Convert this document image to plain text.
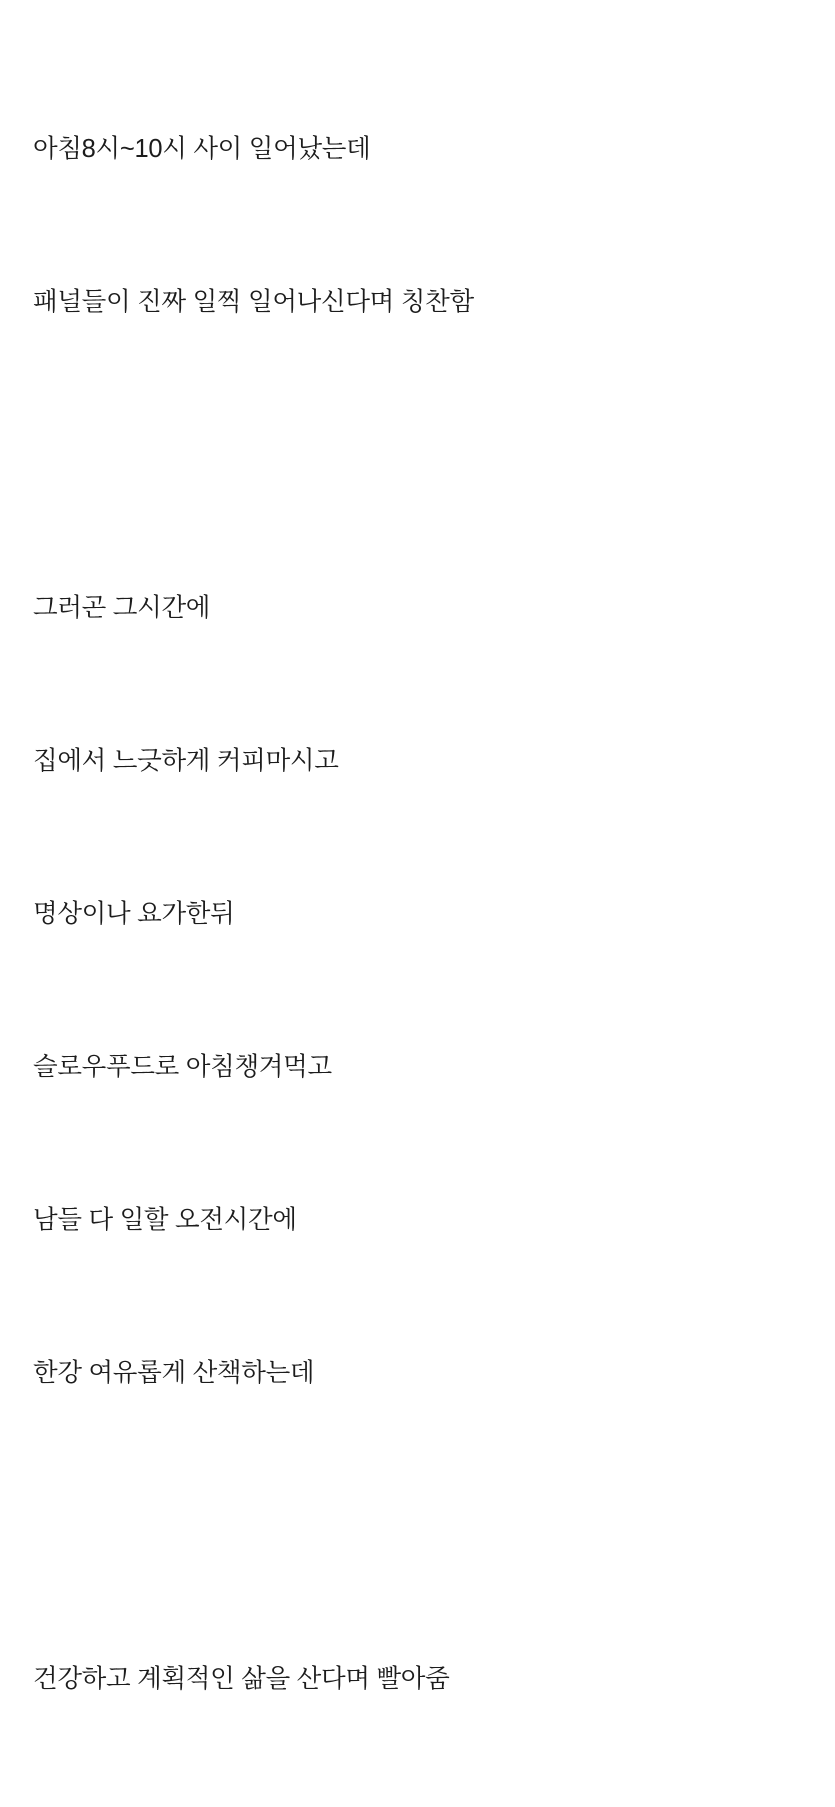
아침8시~10시 사이 일어났는데

패널들이 진짜 일찍 일어나신다며 칭찬함

그러곤 그시간에

집에서 느긋하게 커피마시고

명상이나 요가한뒤

슬로우푸드로 아침챙겨먹고

남들 다 일할 오전시간에

한강 여유롭게 산책하는데

건강하고 계획적인 삶을 산다며 빨아줌
